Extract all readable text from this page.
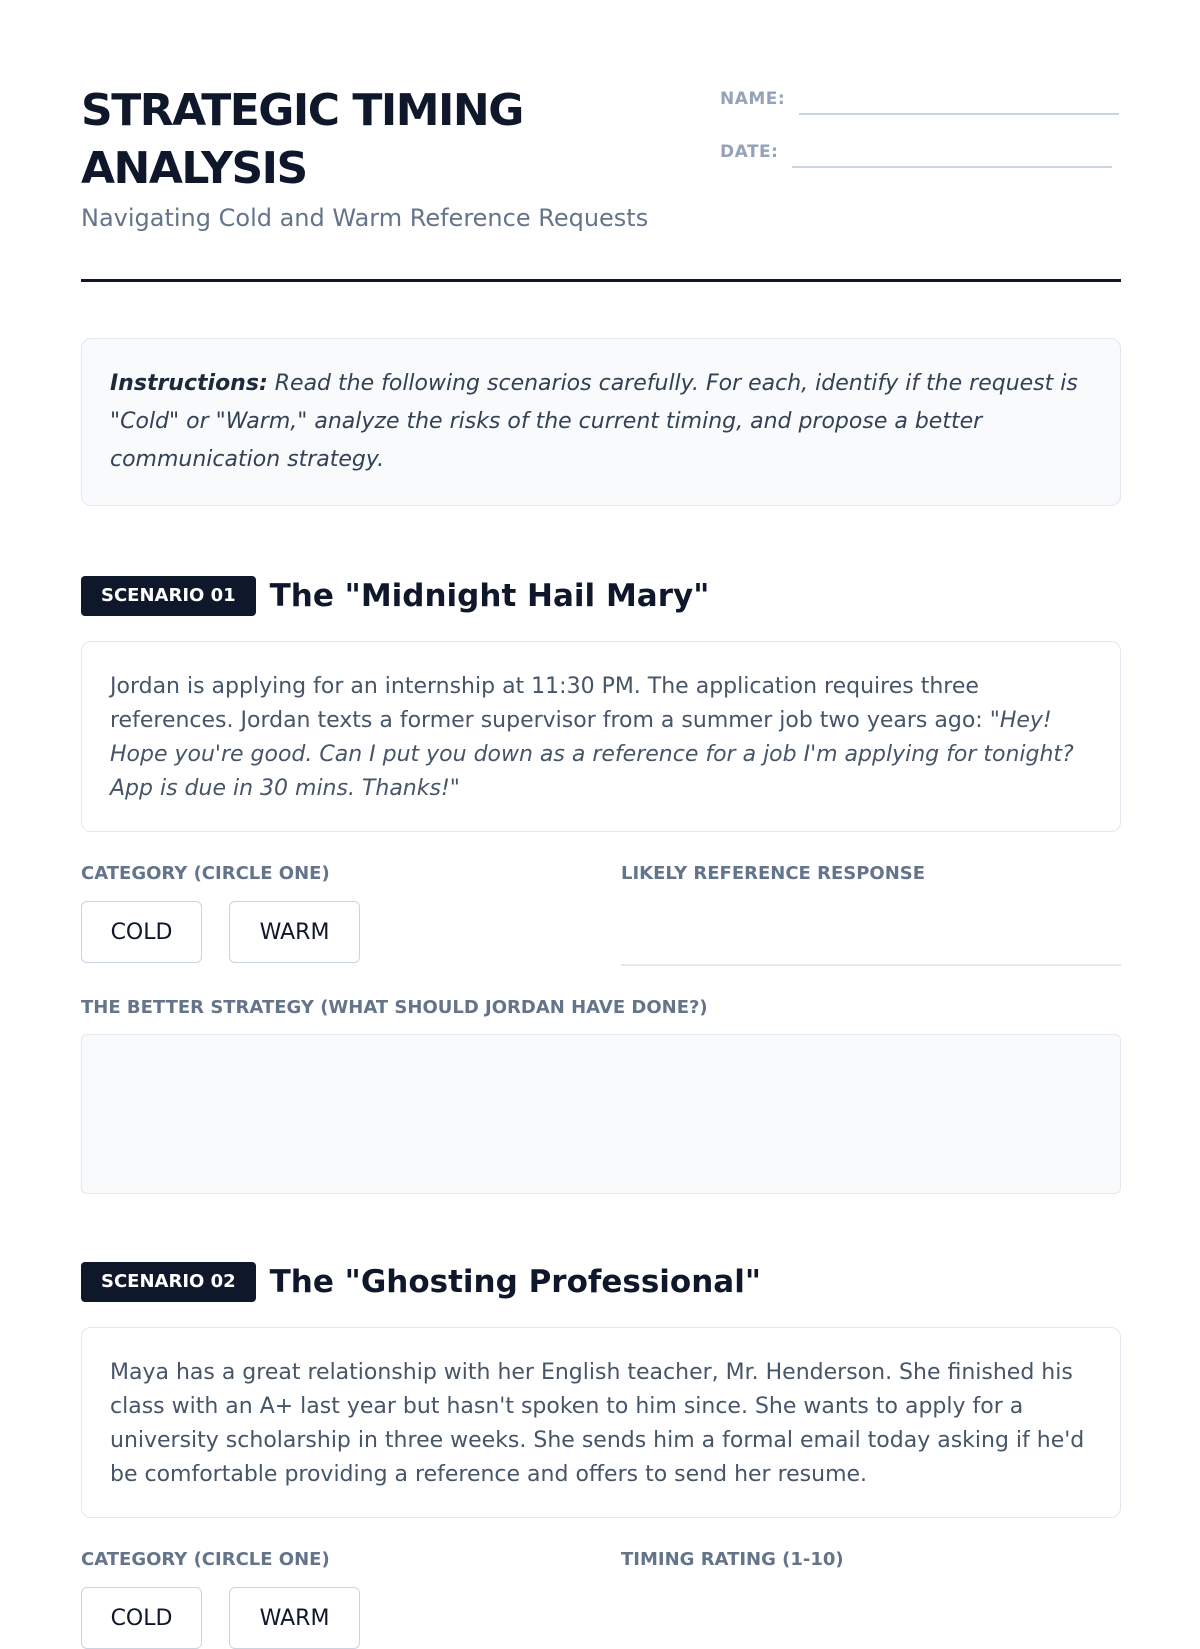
STRATEGIC TIMING ANALYSIS
Navigating Cold and Warm Reference Requests
NAME:
DATE:
Instructions: Read the following scenarios carefully. For each, identify if the request is "Cold" or "Warm," analyze the risks of the current timing, and propose a better communication strategy.
SCENARIO 01	The "Midnight Hail Mary"
Jordan is applying for an internship at 11:30 PM. The application requires three references. Jordan texts a former supervisor from a summer job two years ago: "Hey! Hope you're good. Can I put you down as a reference for a job I'm applying for tonight? App is due in 30 mins. Thanks!"
CATEGORY (CIRCLE ONE)	LIKELY REFERENCE RESPONSE
COLD	WARM
THE BETTER STRATEGY (WHAT SHOULD JORDAN HAVE DONE?)
SCENARIO 02	The "Ghosting Professional"
Maya has a great relationship with her English teacher, Mr. Henderson. She finished his class with an A+ last year but hasn't spoken to him since. She wants to apply for a university scholarship in three weeks. She sends him a formal email today asking if he'd be comfortable providing a reference and offers to send her resume.
CATEGORY (CIRCLE ONE)	TIMING RATING (1-10)
COLD	WARM
